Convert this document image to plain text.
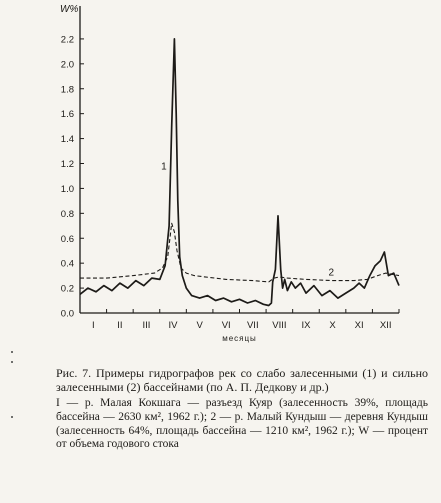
0.0
0.2
0.4
0.6
0.8
1.0
1.2
1.4
1.6
1.8
2.0
2.2
I II III IV V VI VII VIII IX X XI XII
W%
месяцы
1
2

Рис. 7. Примеры гидрографов рек со слабо залесенными (1) и сильно залесенными (2) бассейнами (по А. П. Дедкову и др.)

I — р. Малая Кокшага — разъезд Куяр (залесенность 39%, площадь бассейна — 2630 км², 1962 г.); 2 — р. Малый Кундыш — деревня Кундыш (залесенность 64%, площадь бассейна — 1210 км², 1962 г.); W — процент от объема годового стока
